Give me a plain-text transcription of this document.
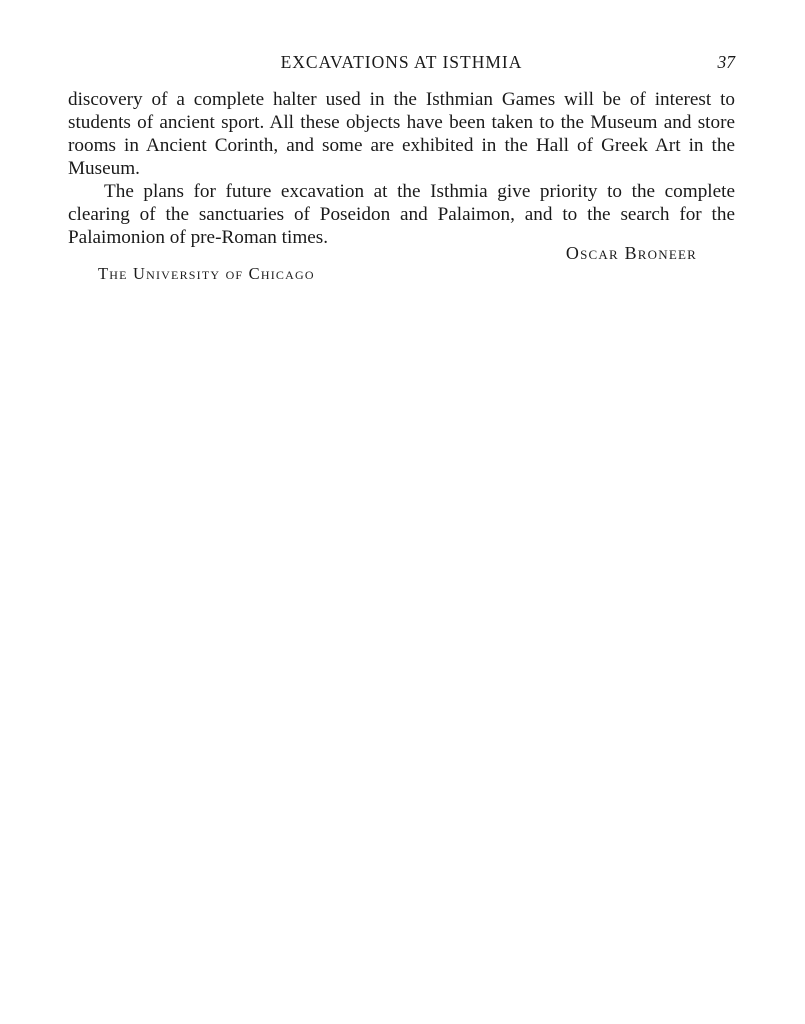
EXCAVATIONS AT ISTHMIA	37

discovery of a complete halter used in the Isthmian Games will be of interest to students of ancient sport. All these objects have been taken to the Museum and store rooms in Ancient Corinth, and some are exhibited in the Hall of Greek Art in the Museum.

The plans for future excavation at the Isthmia give priority to the complete clearing of the sanctuaries of Poseidon and Palaimon, and to the search for the Palaimonion of pre-Roman times.

Oscar Broneer
The University of Chicago
